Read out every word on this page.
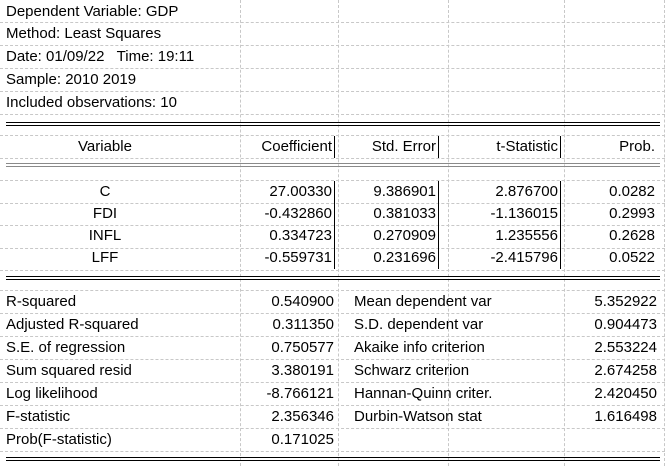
Dependent Variable: GDP
Method: Least Squares
Date: 01/09/22   Time: 19:11
Sample: 2010 2019
Included observations: 10
Variable	Coefficient	Std. Error	t-Statistic	Prob.
C	27.00330	9.386901	2.876700	0.0282
FDI	-0.432860	0.381033	-1.136015	0.2993
INFL	0.334723	0.270909	1.235556	0.2628
LFF	-0.559731	0.231696	-2.415796	0.0522
R-squared	0.540900 Mean dependent var	5.352922
Adjusted R-squared	0.311350 S.D. dependent var	0.904473
S.E. of regression	0.750577 Akaike info criterion	2.553224
Sum squared resid	3.380191 Schwarz criterion	2.674258
Log likelihood	-8.766121 Hannan-Quinn criter.	2.420450
F-statistic	2.356346 Durbin-Watson stat	1.616498
Prob(F-statistic)	0.171025
